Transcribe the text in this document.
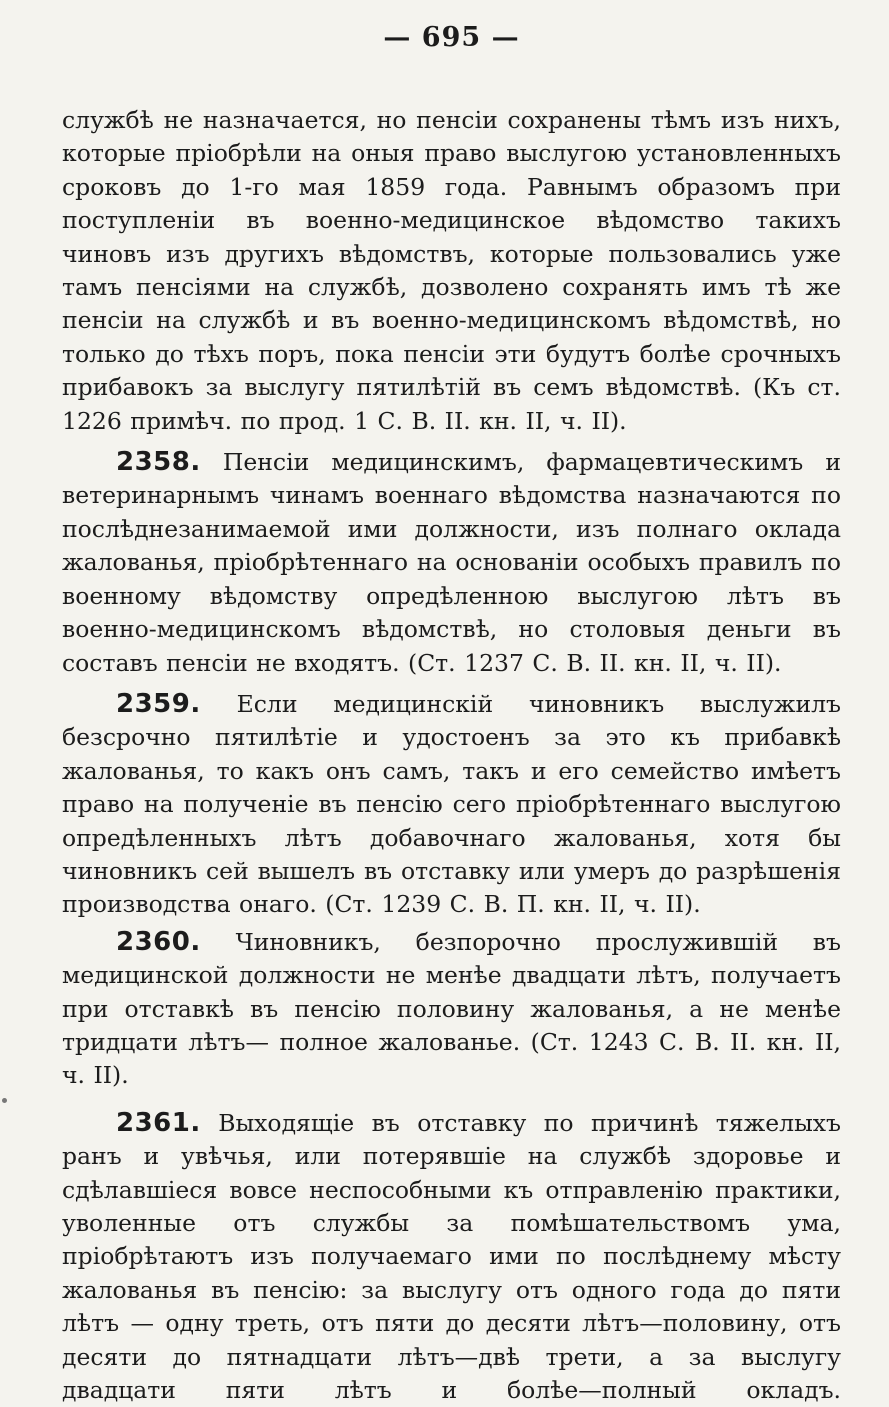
— 695 —

службѣ не назначается, но пенсіи сохранены тѣмъ изъ нихъ, которые пріобрѣли на оныя право выслугою установленныхъ сроковъ до 1-го мая 1859 года. Равнымъ образомъ при поступленіи въ военно-медицинское вѣдомство такихъ чиновъ изъ другихъ вѣдомствъ, которые пользовались уже тамъ пенсіями на службѣ, дозволено сохранять имъ тѣ же пенсіи на службѣ и въ военно-медицинскомъ вѣдомствѣ, но только до тѣхъ поръ, пока пенсіи эти будутъ болѣе срочныхъ прибавокъ за выслугу пятилѣтій въ семъ вѣдомствѣ. (Къ ст. 1226 примѣч. по прод. 1 С. В. II. кн. II, ч. II).

2358. Пенсіи медицинскимъ, фармацевтическимъ и ветеринарнымъ чинамъ военнаго вѣдомства назначаются по послѣднезанимаемой ими должности, изъ полнаго оклада жалованья, пріобрѣтеннаго на основаніи особыхъ правилъ по военному вѣдомству опредѣленною выслугою лѣтъ въ военно-медицинскомъ вѣдомствѣ, но столовыя деньги въ составъ пенсіи не входятъ. (Ст. 1237 С. В. II. кн. II, ч. II).

2359. Если медицинскій чиновникъ выслужилъ безсрочно пятилѣтіе и удостоенъ за это къ прибавкѣ жалованья, то какъ онъ самъ, такъ и его семейство имѣетъ право на полученіе въ пенсію сего пріобрѣтеннаго выслугою опредѣленныхъ лѣтъ добавочнаго жалованья, хотя бы чиновникъ сей вышелъ въ отставку или умеръ до разрѣшенія производства онаго. (Ст. 1239 С. В. П. кн. II, ч. II).

2360. Чиновникъ, безпорочно прослужившій въ медицинской должности не менѣе двадцати лѣтъ, получаетъ при отставкѣ въ пенсію половину жалованья, а не менѣе тридцати лѣтъ— полное жалованье. (Ст. 1243 С. В. II. кн. II, ч. II).

2361. Выходящіе въ отставку по причинѣ тяжелыхъ ранъ и увѣчья, или потерявшіе на службѣ здоровье и сдѣлавшіеся вовсе неспособными къ отправленію практики, уволенные отъ службы за помѣшательствомъ ума, пріобрѣтаютъ изъ получаемаго ими по послѣднему мѣсту жалованья въ пенсію: за выслугу отъ одного года до пяти лѣтъ — одну треть, отъ пяти до десяти лѣтъ—половину, отъ десяти до пятнадцати лѣтъ—двѣ трети, а за выслугу двадцати пяти лѣтъ и болѣе—полный окладъ.
